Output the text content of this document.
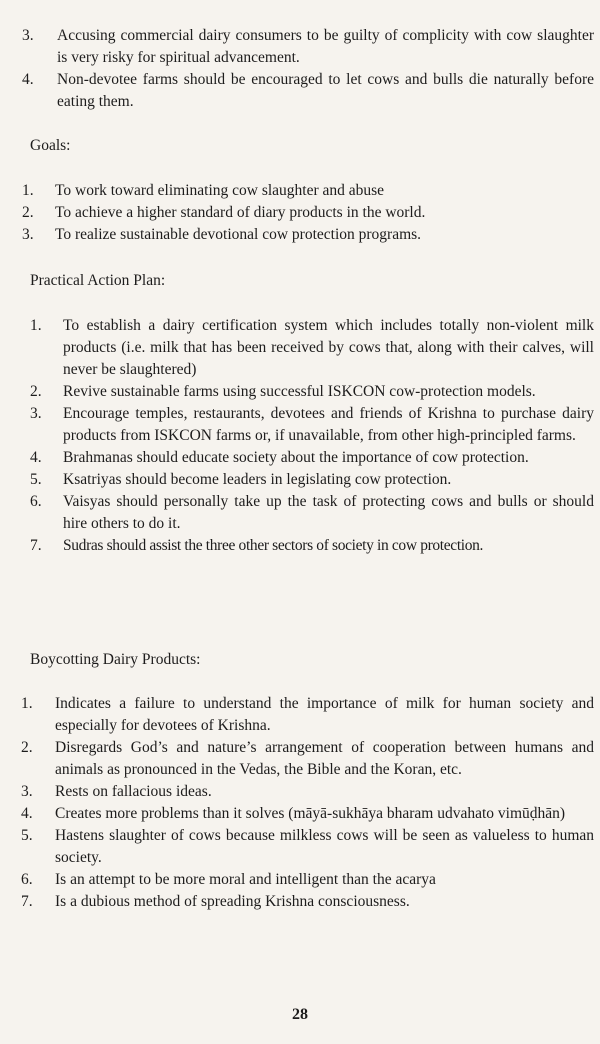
3. Accusing commercial dairy consumers to be guilty of complicity with cow slaughter is very risky for spiritual advancement.
4. Non-devotee farms should be encouraged to let cows and bulls die naturally before eating them.
Goals:
1. To work toward eliminating cow slaughter and abuse
2. To achieve a higher standard of diary products in the world.
3. To realize sustainable devotional cow protection programs.
Practical Action Plan:
1. To establish a dairy certification system which includes totally non-violent milk products (i.e. milk that has been received by cows that, along with their calves, will never be slaughtered)
2. Revive sustainable farms using successful ISKCON cow-protection models.
3. Encourage temples, restaurants, devotees and friends of Krishna to purchase dairy products from ISKCON farms or, if unavailable, from other high-principled farms.
4. Brahmanas should educate society about the importance of cow protection.
5. Ksatriyas should become leaders in legislating cow protection.
6. Vaisyas should personally take up the task of protecting cows and bulls or should hire others to do it.
7. Sudras should assist the three other sectors of society in cow protection.
Boycotting Dairy Products:
1. Indicates a failure to understand the importance of milk for human society and especially for devotees of Krishna.
2. Disregards God’s and nature’s arrangement of cooperation between humans and animals as pronounced in the Vedas, the Bible and the Koran, etc.
3. Rests on fallacious ideas.
4. Creates more problems than it solves (māyā-sukhāya bharam udvahato vimūḍhān)
5. Hastens slaughter of cows because milkless cows will be seen as valueless to human society.
6. Is an attempt to be more moral and intelligent than the acarya
7. Is a dubious method of spreading Krishna consciousness.
28
